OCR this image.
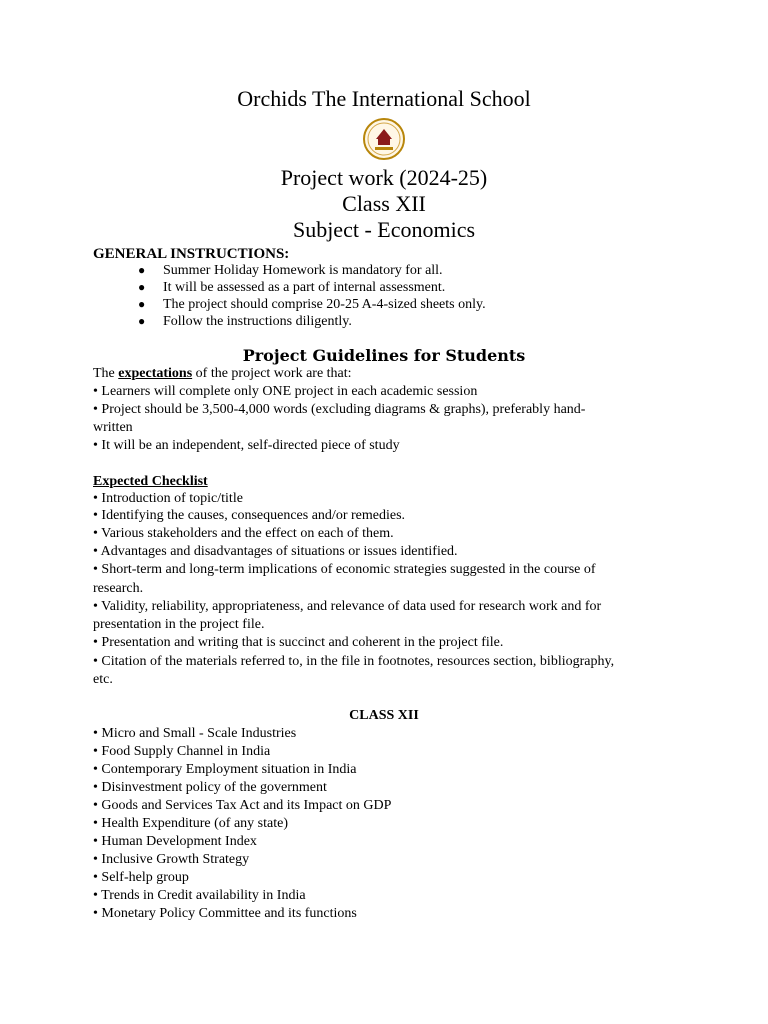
Orchids The International School
Project work (2024-25)
Class XII
Subject - Economics
GENERAL INSTRUCTIONS:
●	Summer Holiday Homework is mandatory for all.
●	It will be assessed as a part of internal assessment.
●	The project should comprise 20-25 A-4-sized sheets only.
●	Follow the instructions diligently.
Project Guidelines for Students
The expectations of the project work are that:
• Learners will complete only ONE project in each academic session
• Project should be 3,500-4,000 words (excluding diagrams & graphs), preferably hand-
written
• It will be an independent, self-directed piece of study
Expected Checklist
• Introduction of topic/title
• Identifying the causes, consequences and/or remedies.
• Various stakeholders and the effect on each of them.
• Advantages and disadvantages of situations or issues identified.
• Short-term and long-term implications of economic strategies suggested in the course of
research.
• Validity, reliability, appropriateness, and relevance of data used for research work and for
presentation in the project file.
• Presentation and writing that is succinct and coherent in the project file.
• Citation of the materials referred to, in the file in footnotes, resources section, bibliography,
etc.
CLASS XII
• Micro and Small - Scale Industries
• Food Supply Channel in India
• Contemporary Employment situation in India
• Disinvestment policy of the government
• Goods and Services Tax Act and its Impact on GDP
• Health Expenditure (of any state)
• Human Development Index
• Inclusive Growth Strategy
• Self-help group
• Trends in Credit availability in India
• Monetary Policy Committee and its functions
